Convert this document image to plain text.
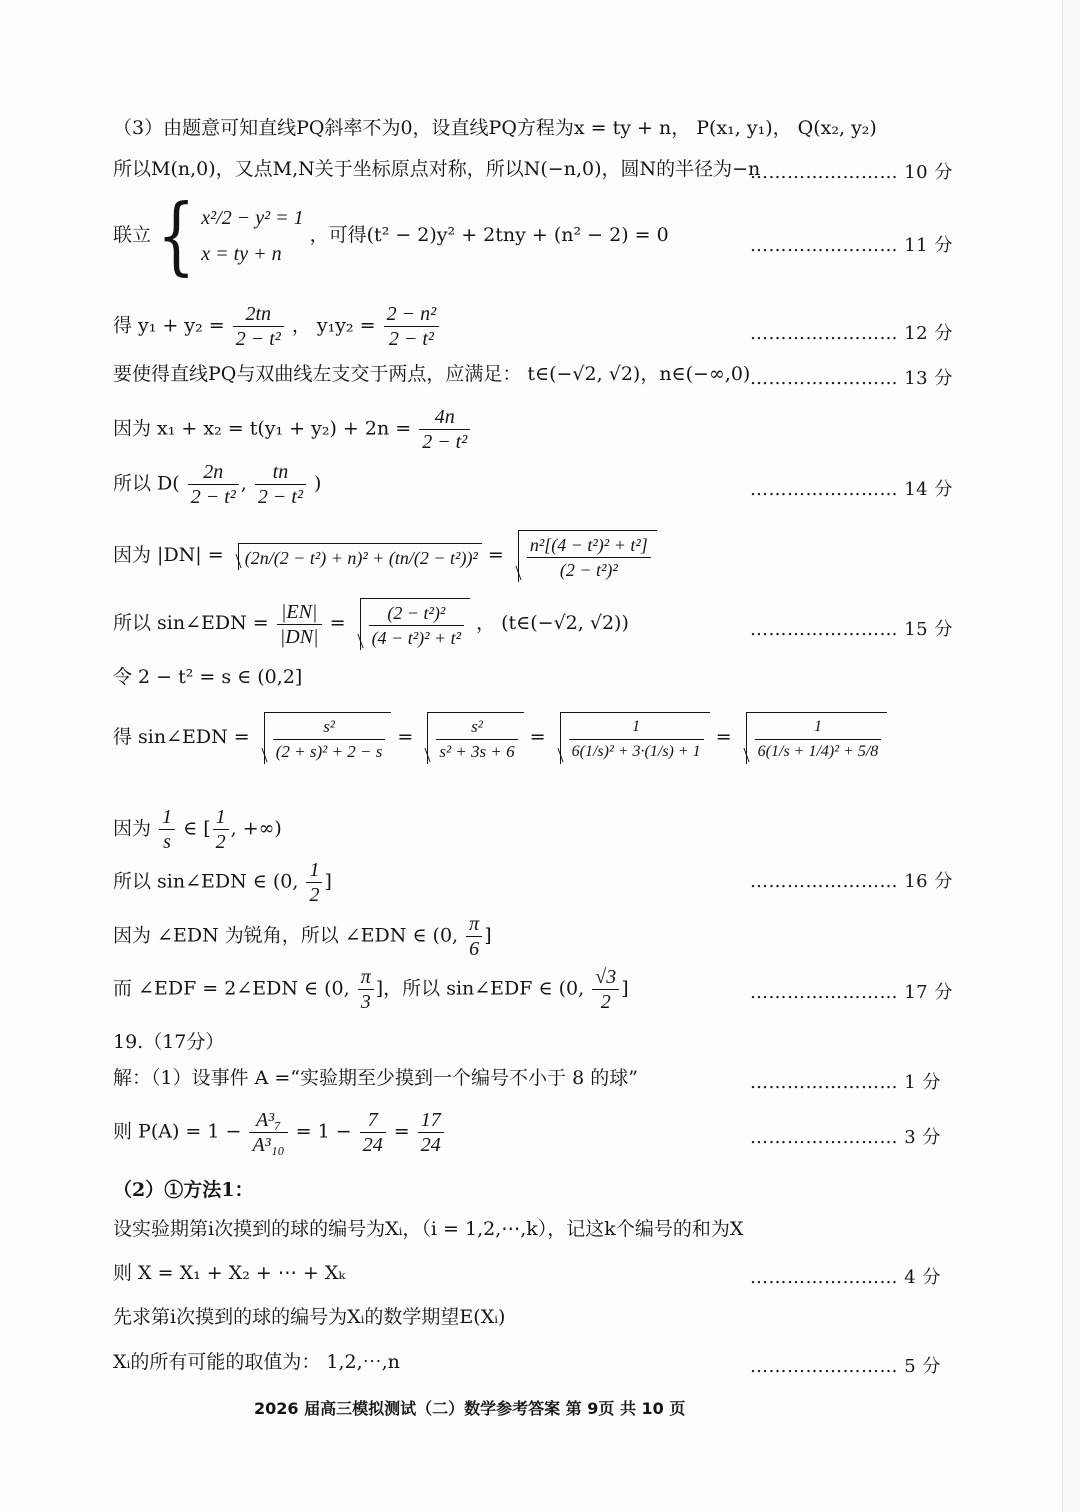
（3）由题意可知直线PQ斜率不为0，设直线PQ方程为x = ty + n， P(x₁, y₁)， Q(x₂, y₂)
所以M(n,0)，又点M,N关于坐标原点对称，所以N(−n,0)，圆N的半径为−n
…………………… 10 分
联立 { x²/2 − y² = 1
x = ty + n
，可得(t² − 2)y² + 2tny + (n² − 2) = 0	…………………… 11 分
得 $y_1 + y_2 = \frac{2tn}{\text{2 − t²}}$ ， $y_1y_2 = \frac{\text{2 − n²}}{\text{2 − t²}}$	…………………… 12 分
要使得直线PQ与双曲线左支交于两点，应满足： t∈(−√2, √2)，n∈(−∞,0) …………………… 13 分
因为 $x_1 + x_2 = t(y_1 + y_2) + 2n = \frac{4n}{\text{2 − t²}}$
所以 $D( \frac{2n}{\text{2 − t²}}$ , $\frac{tn}{\text{2 − t²}}$ )	…………………… 14 分
因为 $|DN| = (2n/(2 - t^2) + n)^2 + (tn/(2 - t^2))^2 = \frac{\text{n²[(4 − t²)² + t²]}}{\text{(2 − t²)²}}$
所以 sin∠EDN = $\frac{|EN|}{|DN|} = \frac{\text{(2 − t²)²}}{\text{(4 − t²)² + t²}}$ ， (t∈(−√2, √2))	…………………… 15 分
令 2 − t² = s ∈ (0,2]
得 sin∠EDN = $\frac{\text{s²}}{\text{(2 + s)² + 2 − s}} = \frac{\text{s²}}{\text{s² + 3s + 6}} = \frac{1}{\text{6(1/s)² + 3·(1/s) + 1}} = \frac{1}{\text{6(1/s + 1/4)² + 5/8}}$
因为 $\frac{1}{s}$ ∈ [ $\frac{1}{2}$ , +∞)
所以 sin∠EDN ∈ (0, $\frac{1}{2}$ ]	…………………… 16 分
因为 ∠EDN 为锐角，所以 ∠EDN ∈ (0, $\frac{\pi}{6}$ ]
而 ∠EDF = 2∠EDN ∈ (0, $\frac{\pi}{3}$ ]，所以 sin∠EDF ∈ (0, $\frac{√3}{2}$ ]	…………………… 17 分
19.（17分）
解：（1）设事件 A =“实验期至少摸到一个编号不小于 8 的球”	…………………… 1 分
则 $P(A) = 1 - \frac{\text{A³₇}}{\text{A³₁₀}} = 1 - \frac{7}{24} = \frac{17}{24}$	…………………… 3 分
（2）①方法1：
设实验期第i次摸到的球的编号为Xᵢ，（i = 1,2,⋯,k），记这k个编号的和为X
则 X = X₁ + X₂ + ⋯ + Xₖ	…………………… 4 分
先求第i次摸到的球的编号为Xᵢ的数学期望E(Xᵢ)
Xᵢ的所有可能的取值为： 1,2,⋯,n	…………………… 5 分
2026 届高三模拟测试（二）数学参考答案 第 9页 共 10 页
